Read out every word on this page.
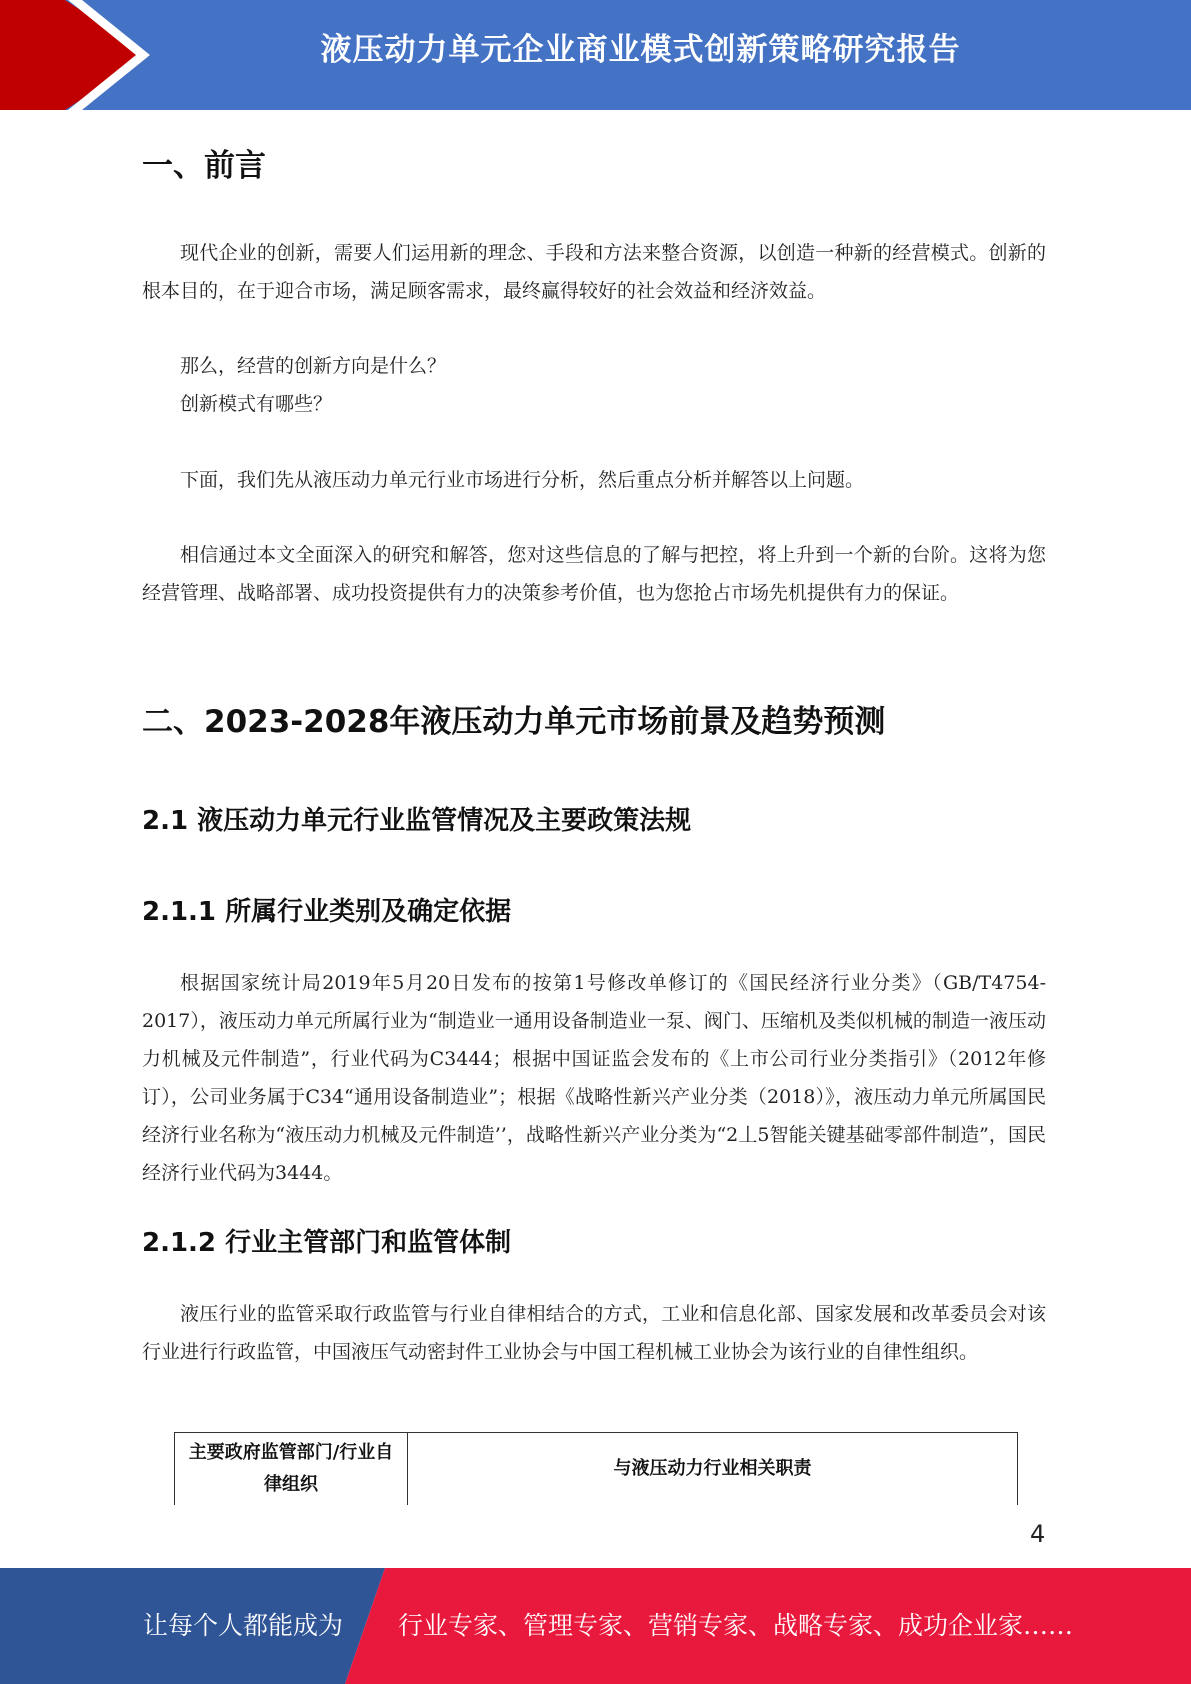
液压动力单元企业商业模式创新策略研究报告
一、前言

现代企业的创新，需要人们运用新的理念、手段和方法来整合资源，以创造一种新的经营模式。创新的根本目的，在于迎合市场，满足顾客需求，最终赢得较好的社会效益和经济效益。

那么，经营的创新方向是什么？

创新模式有哪些？

下面，我们先从液压动力单元行业市场进行分析，然后重点分析并解答以上问题。

相信通过本文全面深入的研究和解答，您对这些信息的了解与把控，将上升到一个新的台阶。这将为您经营管理、战略部署、成功投资提供有力的决策参考价值，也为您抢占市场先机提供有力的保证。

二、2023-2028年液压动力单元市场前景及趋势预测
2.1 液压动力单元行业监管情况及主要政策法规
2.1.1 所属行业类别及确定依据

根据国家统计局2019年5月20日发布的按第1号修改单修订的《国民经济行业分类》（GB/T4754-2017），液压动力单元所属行业为“制造业一通用设备制造业一泵、阀门、压缩机及类似机械的制造一液压动力机械及元件制造”，行业代码为C3444；根据中国证监会发布的《上市公司行业分类指引》（2012年修订），公司业务属于C34“通用设备制造业”；根据《战略性新兴产业分类（2018）》，液压动力单元所属国民经济行业名称为“液压动力机械及元件制造’’，战略性新兴产业分类为“2丄5智能关键基础零部件制造”，国民经济行业代码为3444。

2.1.2 行业主管部门和监管体制

液压行业的监管采取行政监管与行业自律相结合的方式，工业和信息化部、国家发展和改革委员会对该行业进行行政监管，中国液压气动密封件工业协会与中国工程机械工业协会为该行业的自律性组织。

主要政府监管部门/行业自律组织	与液压动力行业相关职责
4
让每个人都能成为 行业专家、管理专家、营销专家、战略专家、成功企业家……
